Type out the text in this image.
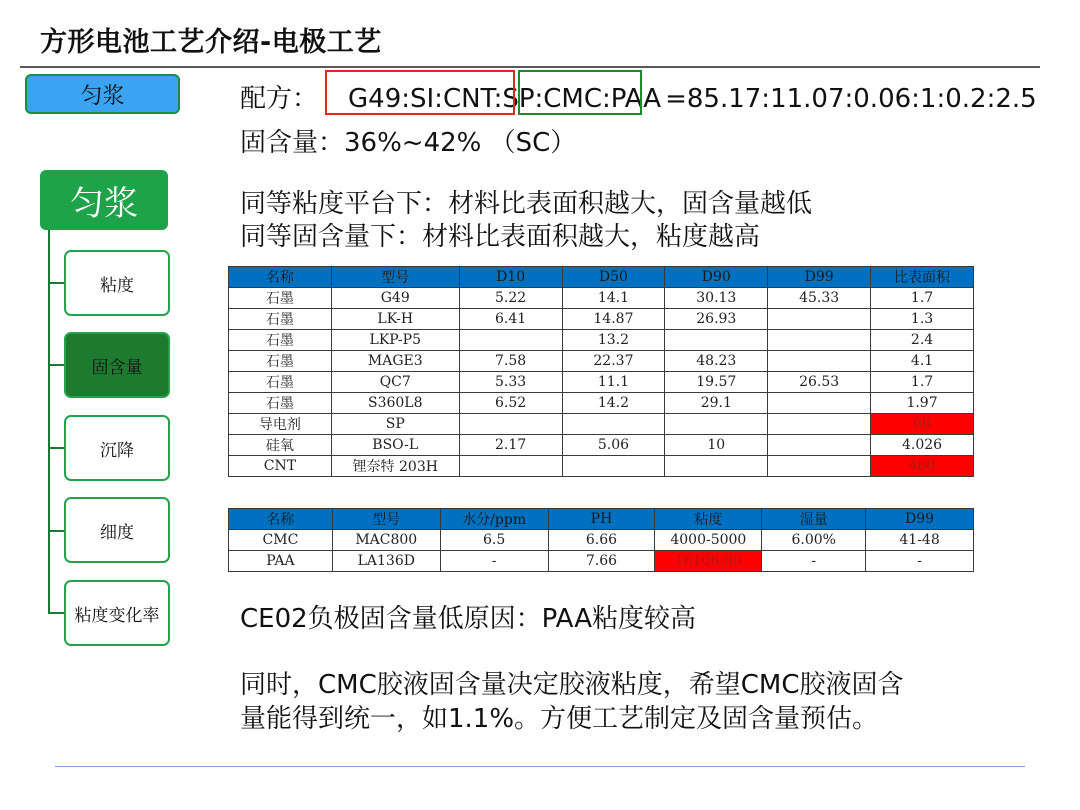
方形电池工艺介绍-电极工艺
匀浆
匀浆
粘度
固含量
沉降
细度
粘度变化率
配方： G49:SI:CNT:SP:CMC:PAA =85.17:11.07:0.06:1:0.2:2.5
固含量：36%~42% （SC）
同等粘度平台下：材料比表面积越大，固含量越低
同等固含量下：材料比表面积越大，粘度越高
名称	型号	D10	D50	D90	D99	比表面积
石墨	G49	5.22	14.1	30.13	45.33	1.7
石墨	LK-H	6.41	14.87	26.93		1.3
石墨	LKP-P5		13.2			2.4
石墨	MAGE3	7.58	22.37	48.23		4.1
石墨	QC7	5.33	11.1	19.57	26.53	1.7
石墨	S360L8	6.52	14.2	29.1		1.97
导电剂	SP					66
硅氧	BSO-L	2.17	5.06	10		4.026
CNT	锂奈特 203H					460
名称	型号	水分/ppm	PH	粘度	湿量	D99
CMC	MAC800	6.5	6.66	4000-5000	6.00%	41-48
PAA	LA136D	-	7.66	16106.00	-	-
CE02负极固含量低原因：PAA粘度较高
同时，CMC胶液固含量决定胶液粘度，希望CMC胶液固含
量能得到统一，如1.1%。方便工艺制定及固含量预估。
